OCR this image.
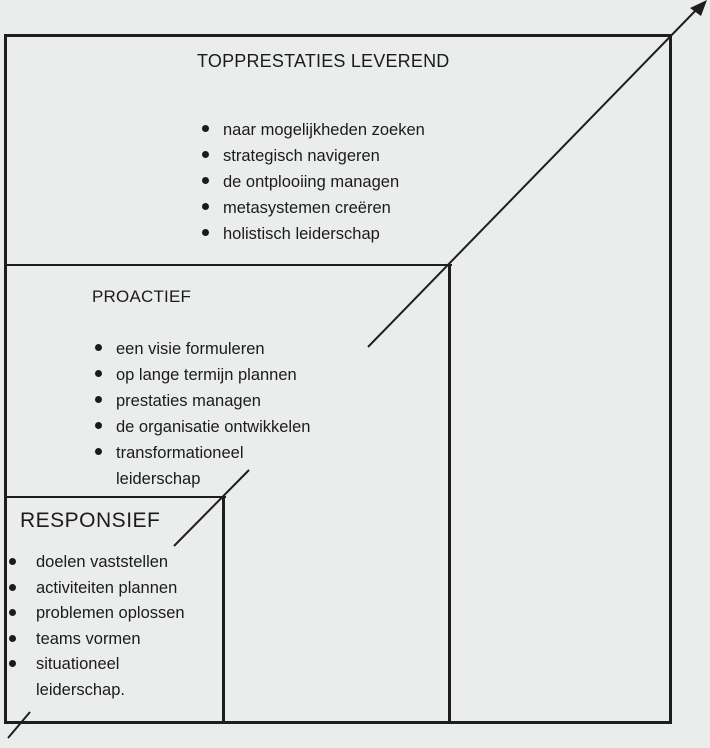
TOPPRESTATIES LEVEREND
naar mogelijkheden zoeken
strategisch navigeren
de ontplooiing managen
metasystemen creëren
holistisch leiderschap
PROACTIEF
een visie formuleren
op lange termijn plannen
prestaties managen
de organisatie ontwikkelen
transformationeel
leiderschap
RESPONSIEF
doelen vaststellen
activiteiten plannen
problemen oplossen
teams vormen
situationeel
leiderschap.
